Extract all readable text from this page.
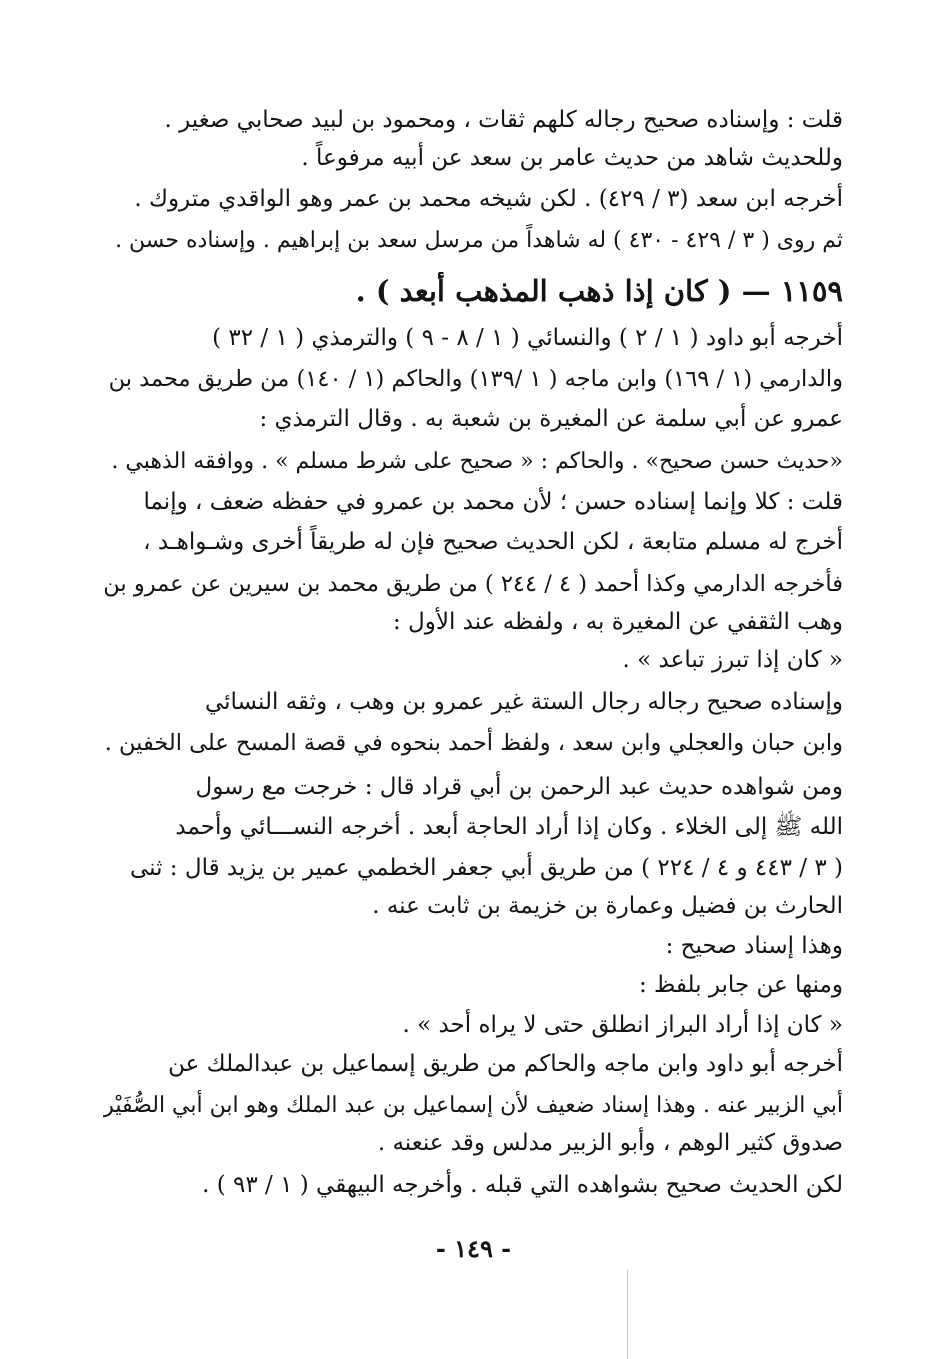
قلت : وإسناده صحيح رجاله كلهم ثقات ، ومحمود بن لبيد صحابي صغير .
وللحديث شاهد من حديث عامر بن سعد عن أبيه مرفوعاً .
أخرجه ابن سعد (٣ / ٤٢٩) . لكن شيخه محمد بن عمر وهو الواقدي متروك .
ثم روى ( ٣ / ٤٢٩ - ٤٣٠ ) له شاهداً من مرسل سعد بن إبراهيم . وإسناده حسن .
١١٥٩ — ( كان إذا ذهب المذهب أبعد ) .
أخرجه أبو داود ( ١ / ٢ ) والنسائي ( ١ / ٨ - ٩ ) والترمذي ( ١ / ٣٢ )
والدارمي (١ / ١٦٩) وابن ماجه ( ١ /١٣٩) والحاكم (١ / ١٤٠) من طريق محمد بن
عمرو عن أبي سلمة عن المغيرة بن شعبة به . وقال الترمذي :
«حديث حسن صحيح» . والحاكم : « صحيح على شرط مسلم » . ووافقه الذهبي .
قلت : كلا وإنما إسناده حسن ؛ لأن محمد بن عمرو في حفظه ضعف ، وإنما
أخرج له مسلم متابعة ، لكن الحديث صحيح فإن له طريقاً أخرى وشـواهـد ،
فأخرجه الدارمي وكذا أحمد ( ٤ / ٢٤٤ ) من طريق محمد بن سيرين عن عمرو بن
وهب الثقفي عن المغيرة به ، ولفظه عند الأول :
« كان إذا تبرز تباعد » .
وإسناده صحيح رجاله رجال الستة غير عمرو بن وهب ، وثقه النسائي
وابن حبان والعجلي وابن سعد ، ولفظ أحمد بنحوه في قصة المسح على الخفين .
ومن شواهده حديث عبد الرحمن بن أبي قراد قال : خرجت مع رسول
الله ﷺ إلى الخلاء . وكان إذا أراد الحاجة أبعد . أخرجه النســـائي وأحمد
( ٣ / ٤٤٣ و ٤ / ٢٢٤ ) من طريق أبي جعفر الخطمي عمير بن يزيد قال : ثنى
الحارث بن فضيل وعمارة بن خزيمة بن ثابت عنه .
وهذا إسناد صحيح :
ومنها عن جابر بلفظ :
« كان إذا أراد البراز انطلق حتى لا يراه أحد » .
أخرجه أبو داود وابن ماجه والحاكم من طريق إسماعيل بن عبدالملك عن
أبي الزبير عنه . وهذا إسناد ضعيف لأن إسماعيل بن عبد الملك وهو ابن أبي الصُّفَيْر
صدوق كثير الوهم ، وأبو الزبير مدلس وقد عنعنه .
لكن الحديث صحيح بشواهده التي قبله . وأخرجه البيهقي ( ١ / ٩٣ ) .
- ١٤٩ -
